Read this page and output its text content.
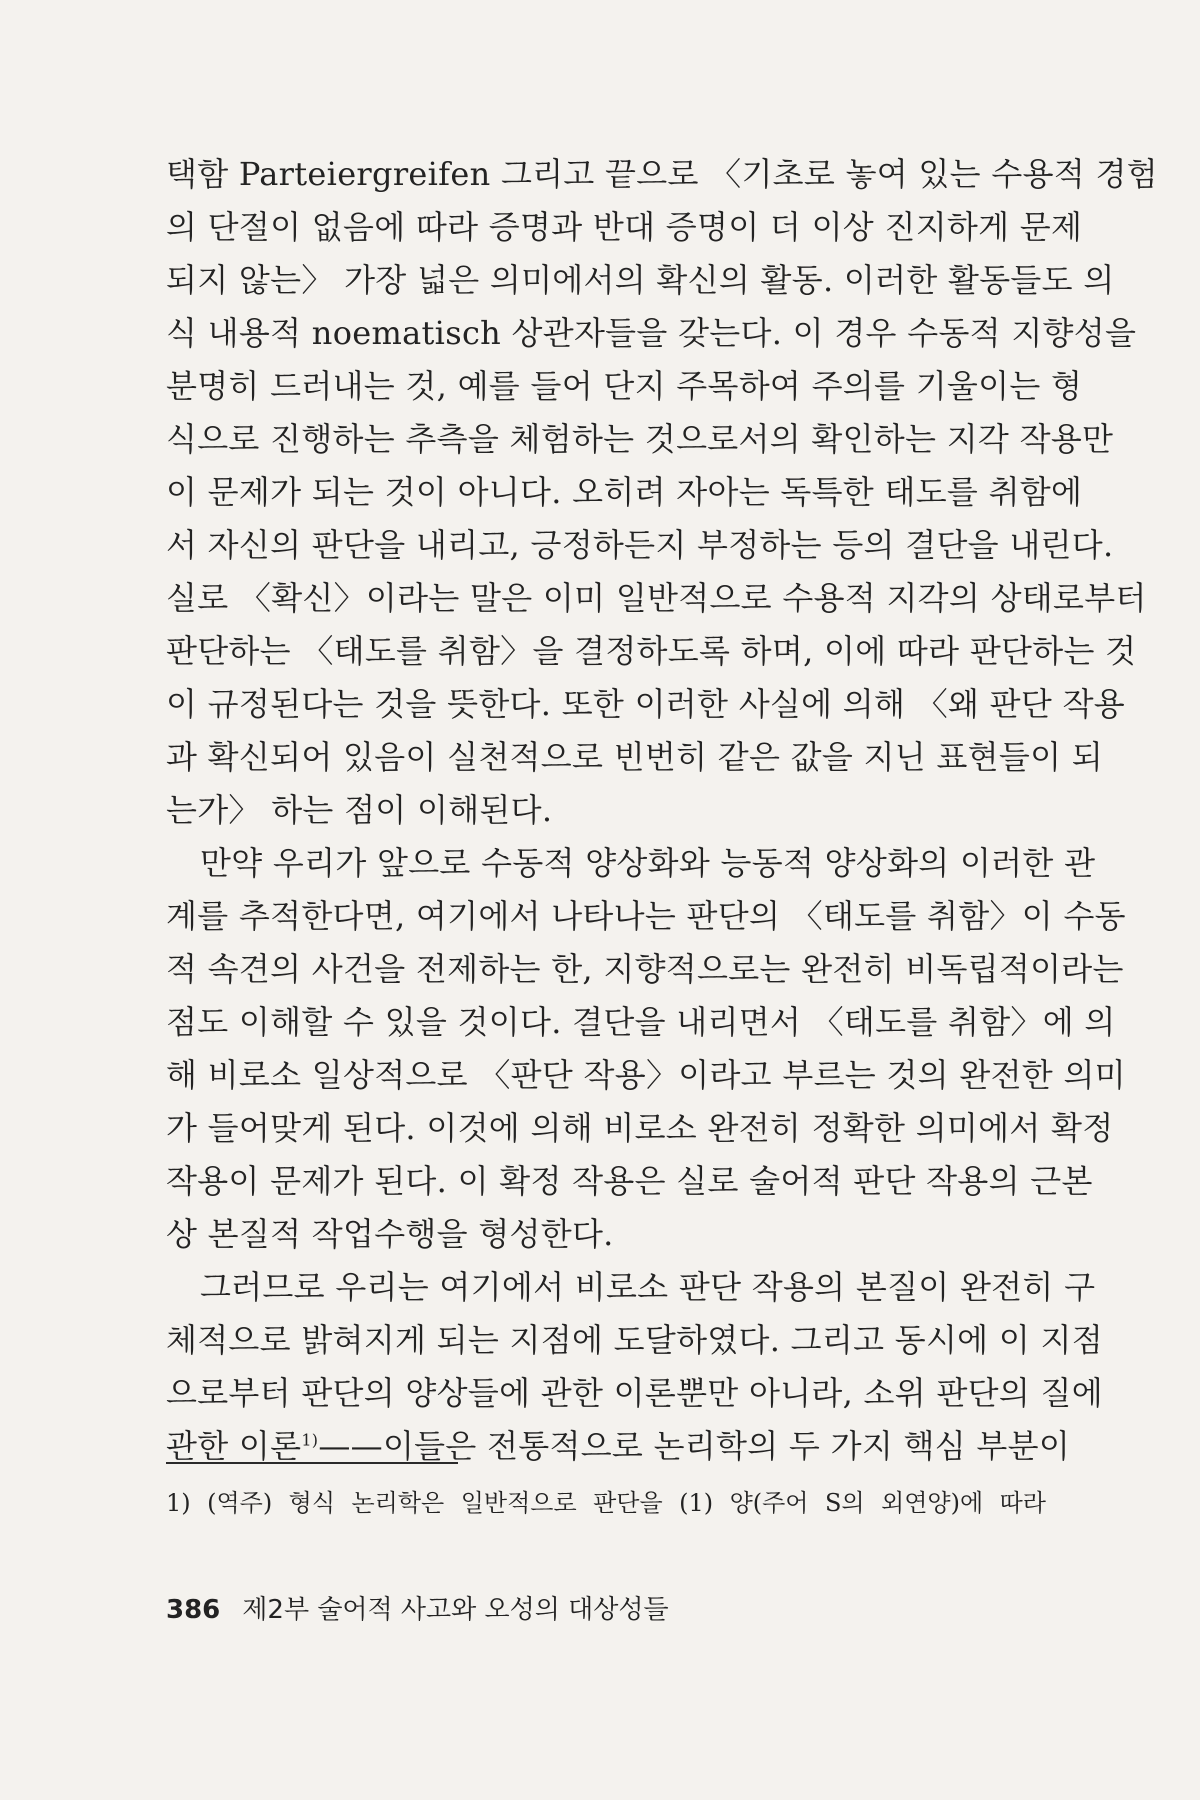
택함 Parteiergreifen 그리고 끝으로 〈기초로 놓여 있는 수용적 경험
의 단절이 없음에 따라 증명과 반대 증명이 더 이상 진지하게 문제
되지 않는〉 가장 넓은 의미에서의 확신의 활동. 이러한 활동들도 의
식 내용적 noematisch 상관자들을 갖는다. 이 경우 수동적 지향성을
분명히 드러내는 것, 예를 들어 단지 주목하여 주의를 기울이는 형
식으로 진행하는 추측을 체험하는 것으로서의 확인하는 지각 작용만
이 문제가 되는 것이 아니다. 오히려 자아는 독특한 태도를 취함에
서 자신의 판단을 내리고, 긍정하든지 부정하는 등의 결단을 내린다.
실로 〈확신〉이라는 말은 이미 일반적으로 수용적 지각의 상태로부터
판단하는 〈태도를 취함〉을 결정하도록 하며, 이에 따라 판단하는 것
이 규정된다는 것을 뜻한다. 또한 이러한 사실에 의해 〈왜 판단 작용
과 확신되어 있음이 실천적으로 빈번히 같은 값을 지닌 표현들이 되
는가〉 하는 점이 이해된다.
만약 우리가 앞으로 수동적 양상화와 능동적 양상화의 이러한 관
계를 추적한다면, 여기에서 나타나는 판단의 〈태도를 취함〉이 수동
적 속견의 사건을 전제하는 한, 지향적으로는 완전히 비독립적이라는
점도 이해할 수 있을 것이다. 결단을 내리면서 〈태도를 취함〉에 의
해 비로소 일상적으로 〈판단 작용〉이라고 부르는 것의 완전한 의미
가 들어맞게 된다. 이것에 의해 비로소 완전히 정확한 의미에서 확정
작용이 문제가 된다. 이 확정 작용은 실로 술어적 판단 작용의 근본
상 본질적 작업수행을 형성한다.
그러므로 우리는 여기에서 비로소 판단 작용의 본질이 완전히 구
체적으로 밝혀지게 되는 지점에 도달하였다. 그리고 동시에 이 지점
으로부터 판단의 양상들에 관한 이론뿐만 아니라, 소위 판단의 질에
관한 이론$^{1)}$——이들은 전통적으로 논리학의 두 가지 핵심 부분이
1) (역주) 형식 논리학은 일반적으로 판단을 (1) 양(주어 S의 외연양)에 따라
386 제2부 술어적 사고와 오성의 대상성들
